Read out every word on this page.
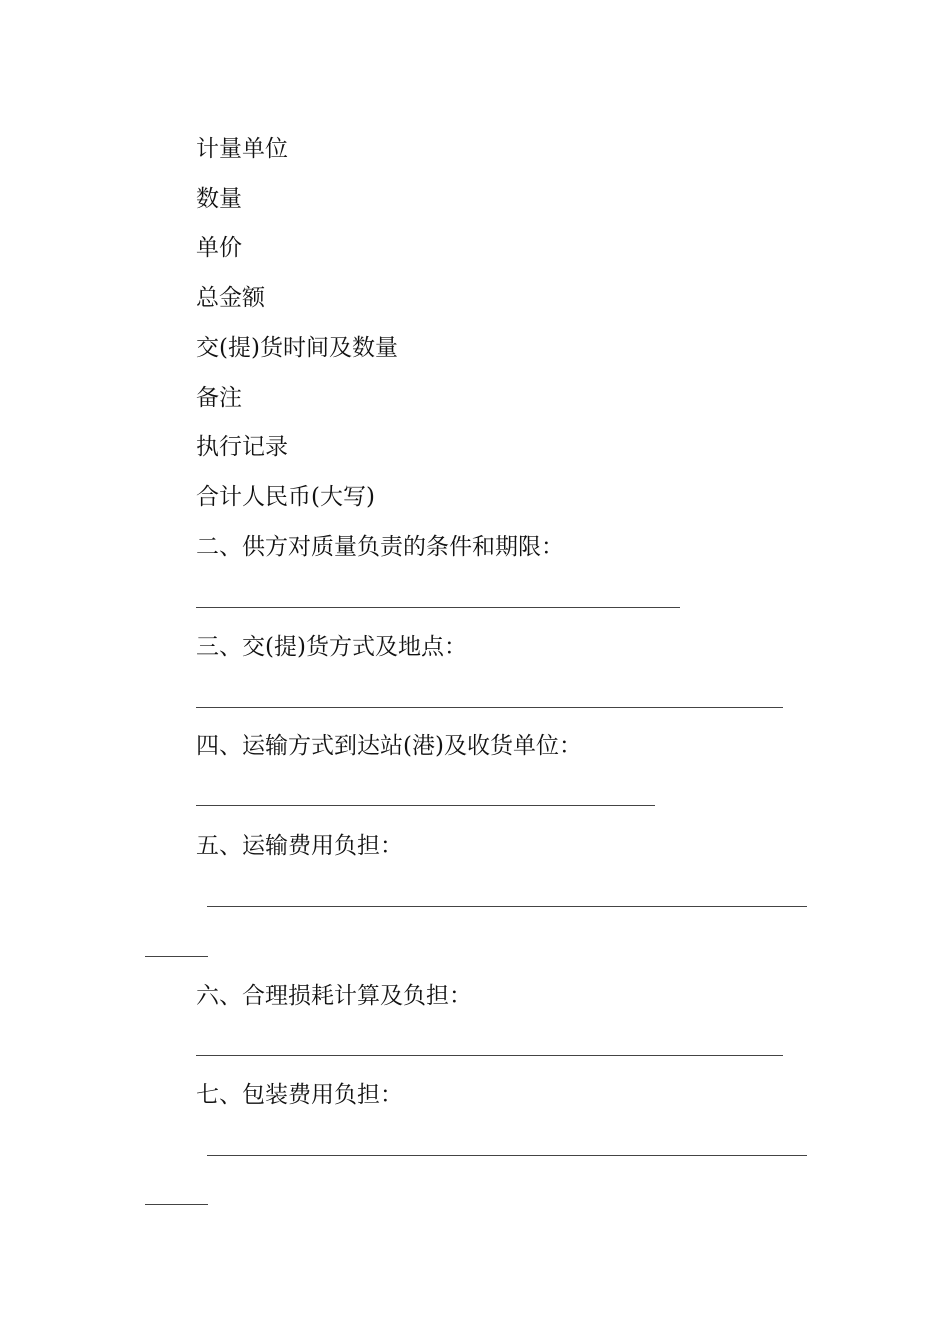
计量单位
数量
单价
总金额
交(提)货时间及数量
备注
执行记录
合计人民币(大写)
二、供方对质量负责的条件和期限：
三、交(提)货方式及地点：
四、运输方式到达站(港)及收货单位：
五、运输费用负担：
六、合理损耗计算及负担：
七、包装费用负担：
